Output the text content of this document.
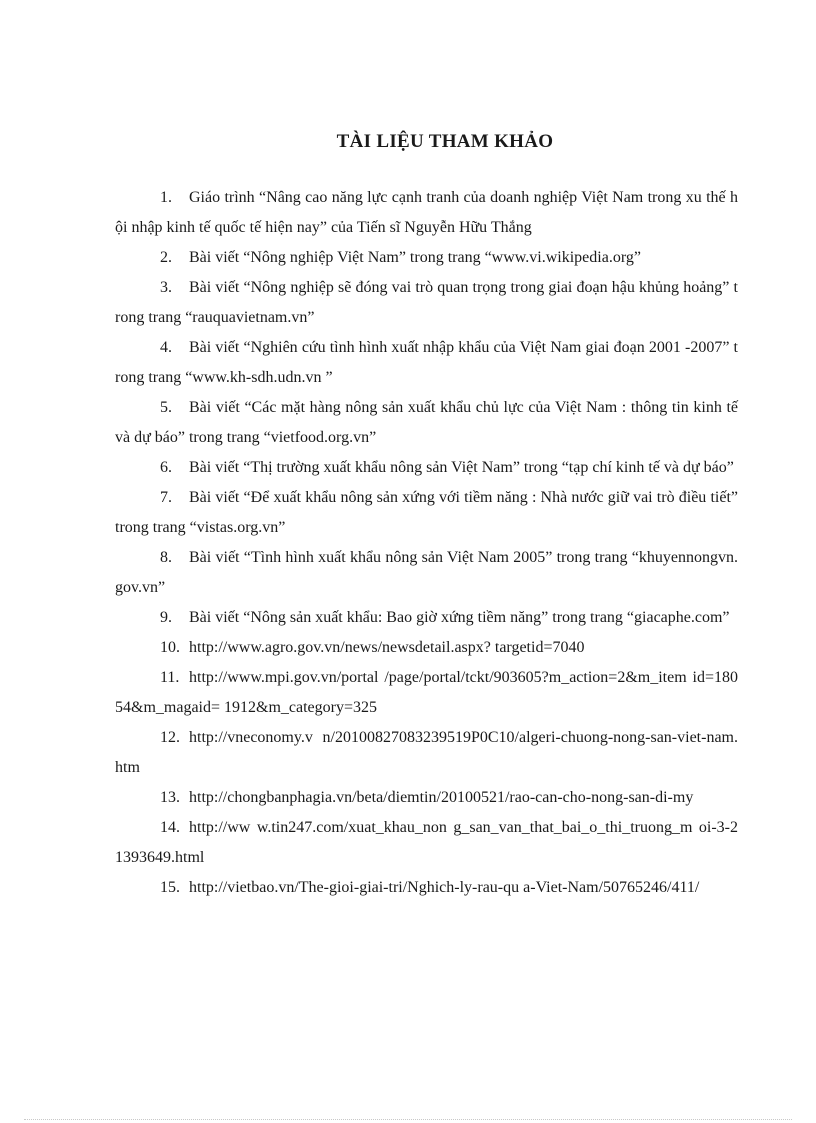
TÀI LIỆU THAM KHẢO
1. Giáo trình “Nâng cao năng lực cạnh tranh của doanh nghiệp Việt Nam trong xu thế hội nhập kinh tế quốc tế hiện nay” của Tiến sĩ Nguyễn Hữu Thắng
2. Bài viết “Nông nghiệp Việt Nam” trong trang “www.vi.wikipedia.org”
3. Bài viết “Nông nghiệp sẽ đóng vai trò quan trọng trong giai đoạn hậu khủng hoảng” trong trang “rauquavietnam.vn”
4. Bài viết “Nghiên cứu tình hình xuất nhập khẩu của Việt Nam giai đoạn 2001 -2007” trong trang “www.kh-sdh.udn.vn ”
5. Bài viết “Các mặt hàng nông sản xuất khẩu chủ lực của Việt Nam : thông tin kinh tế và dự báo” trong trang “vietfood.org.vn”
6. Bài viết “Thị trường xuất khẩu nông sản Việt Nam” trong “tạp chí kinh tế và dự báo”
7. Bài viết “Để xuất khẩu nông sản xứng với tiềm năng : Nhà nước giữ vai trò điều tiết” trong trang “vistas.org.vn”
8. Bài viết “Tình hình xuất khẩu nông sản Việt Nam 2005” trong trang “khuyennongvn.gov.vn”
9. Bài viết “Nông sản xuất khẩu: Bao giờ xứng tiềm năng” trong trang “giacaphe.com”
10. http://www.agro.gov.vn/news/newsdetail.aspx? targetid=7040
11. http://www.mpi.gov.vn/portal /page/portal/tckt/903605?m_action=2&m_item id=18054&m_magaid= 1912&m_category=325
12. http://vneconomy.v n/20100827083239519P0C10/algeri-chuong-nong-san-viet-nam.htm
13. http://chongbanphagia.vn/beta/diemtin/20100521/rao-can-cho-nong-san-di-my
14. http://ww w.tin247.com/xuat_khau_non g_san_van_that_bai_o_thi_truong_m oi-3-21393649.html
15. http://vietbao.vn/The-gioi-giai-tri/Nghich-ly-rau-qu a-Viet-Nam/50765246/411/
